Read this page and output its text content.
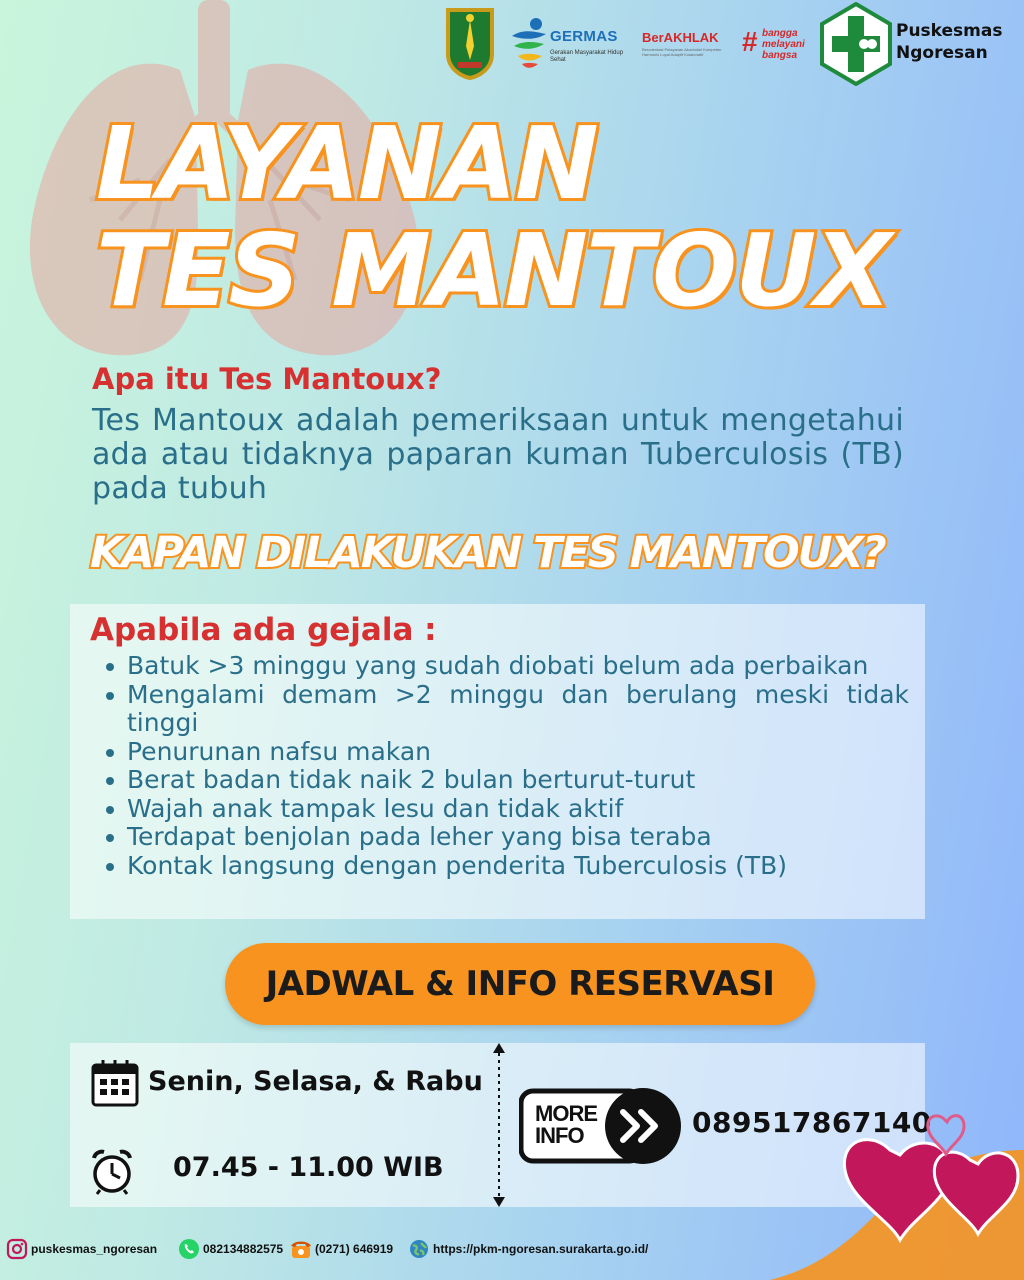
GERMAS
Gerakan Masyarakat Hidup Sehat
BerAKHLAK
Berorientasi Pelayanan Akuntabel Kompeten Harmonis Loyal Adaptif Kolaboratif	# bangga
melayani
bangsa
Puskesmas
Ngoresan
LAYANAN
TES MANTOUX
Apa itu Tes Mantoux?
Tes Mantoux adalah pemeriksaan untuk mengetahui ada atau tidaknya paparan kuman Tuberculosis (TB) pada tubuh
KAPAN DILAKUKAN TES MANTOUX?
Apabila ada gejala :
Batuk >3 minggu yang sudah diobati belum ada perbaikan
Mengalami demam >2 minggu dan berulang meski tidak tinggi
Penurunan nafsu makan
Berat badan tidak naik 2 bulan berturut-turut
Wajah anak tampak lesu dan tidak aktif
Terdapat benjolan pada leher yang bisa teraba
Kontak langsung dengan penderita Tuberculosis (TB)
JADWAL & INFO RESERVASI
Senin, Selasa, & Rabu
07.45 - 11.00 WIB
MORE
INFO	089517867140
puskesmas_ngoresan	082134882575	(0271) 646919	https://pkm-ngoresan.surakarta.go.id/
